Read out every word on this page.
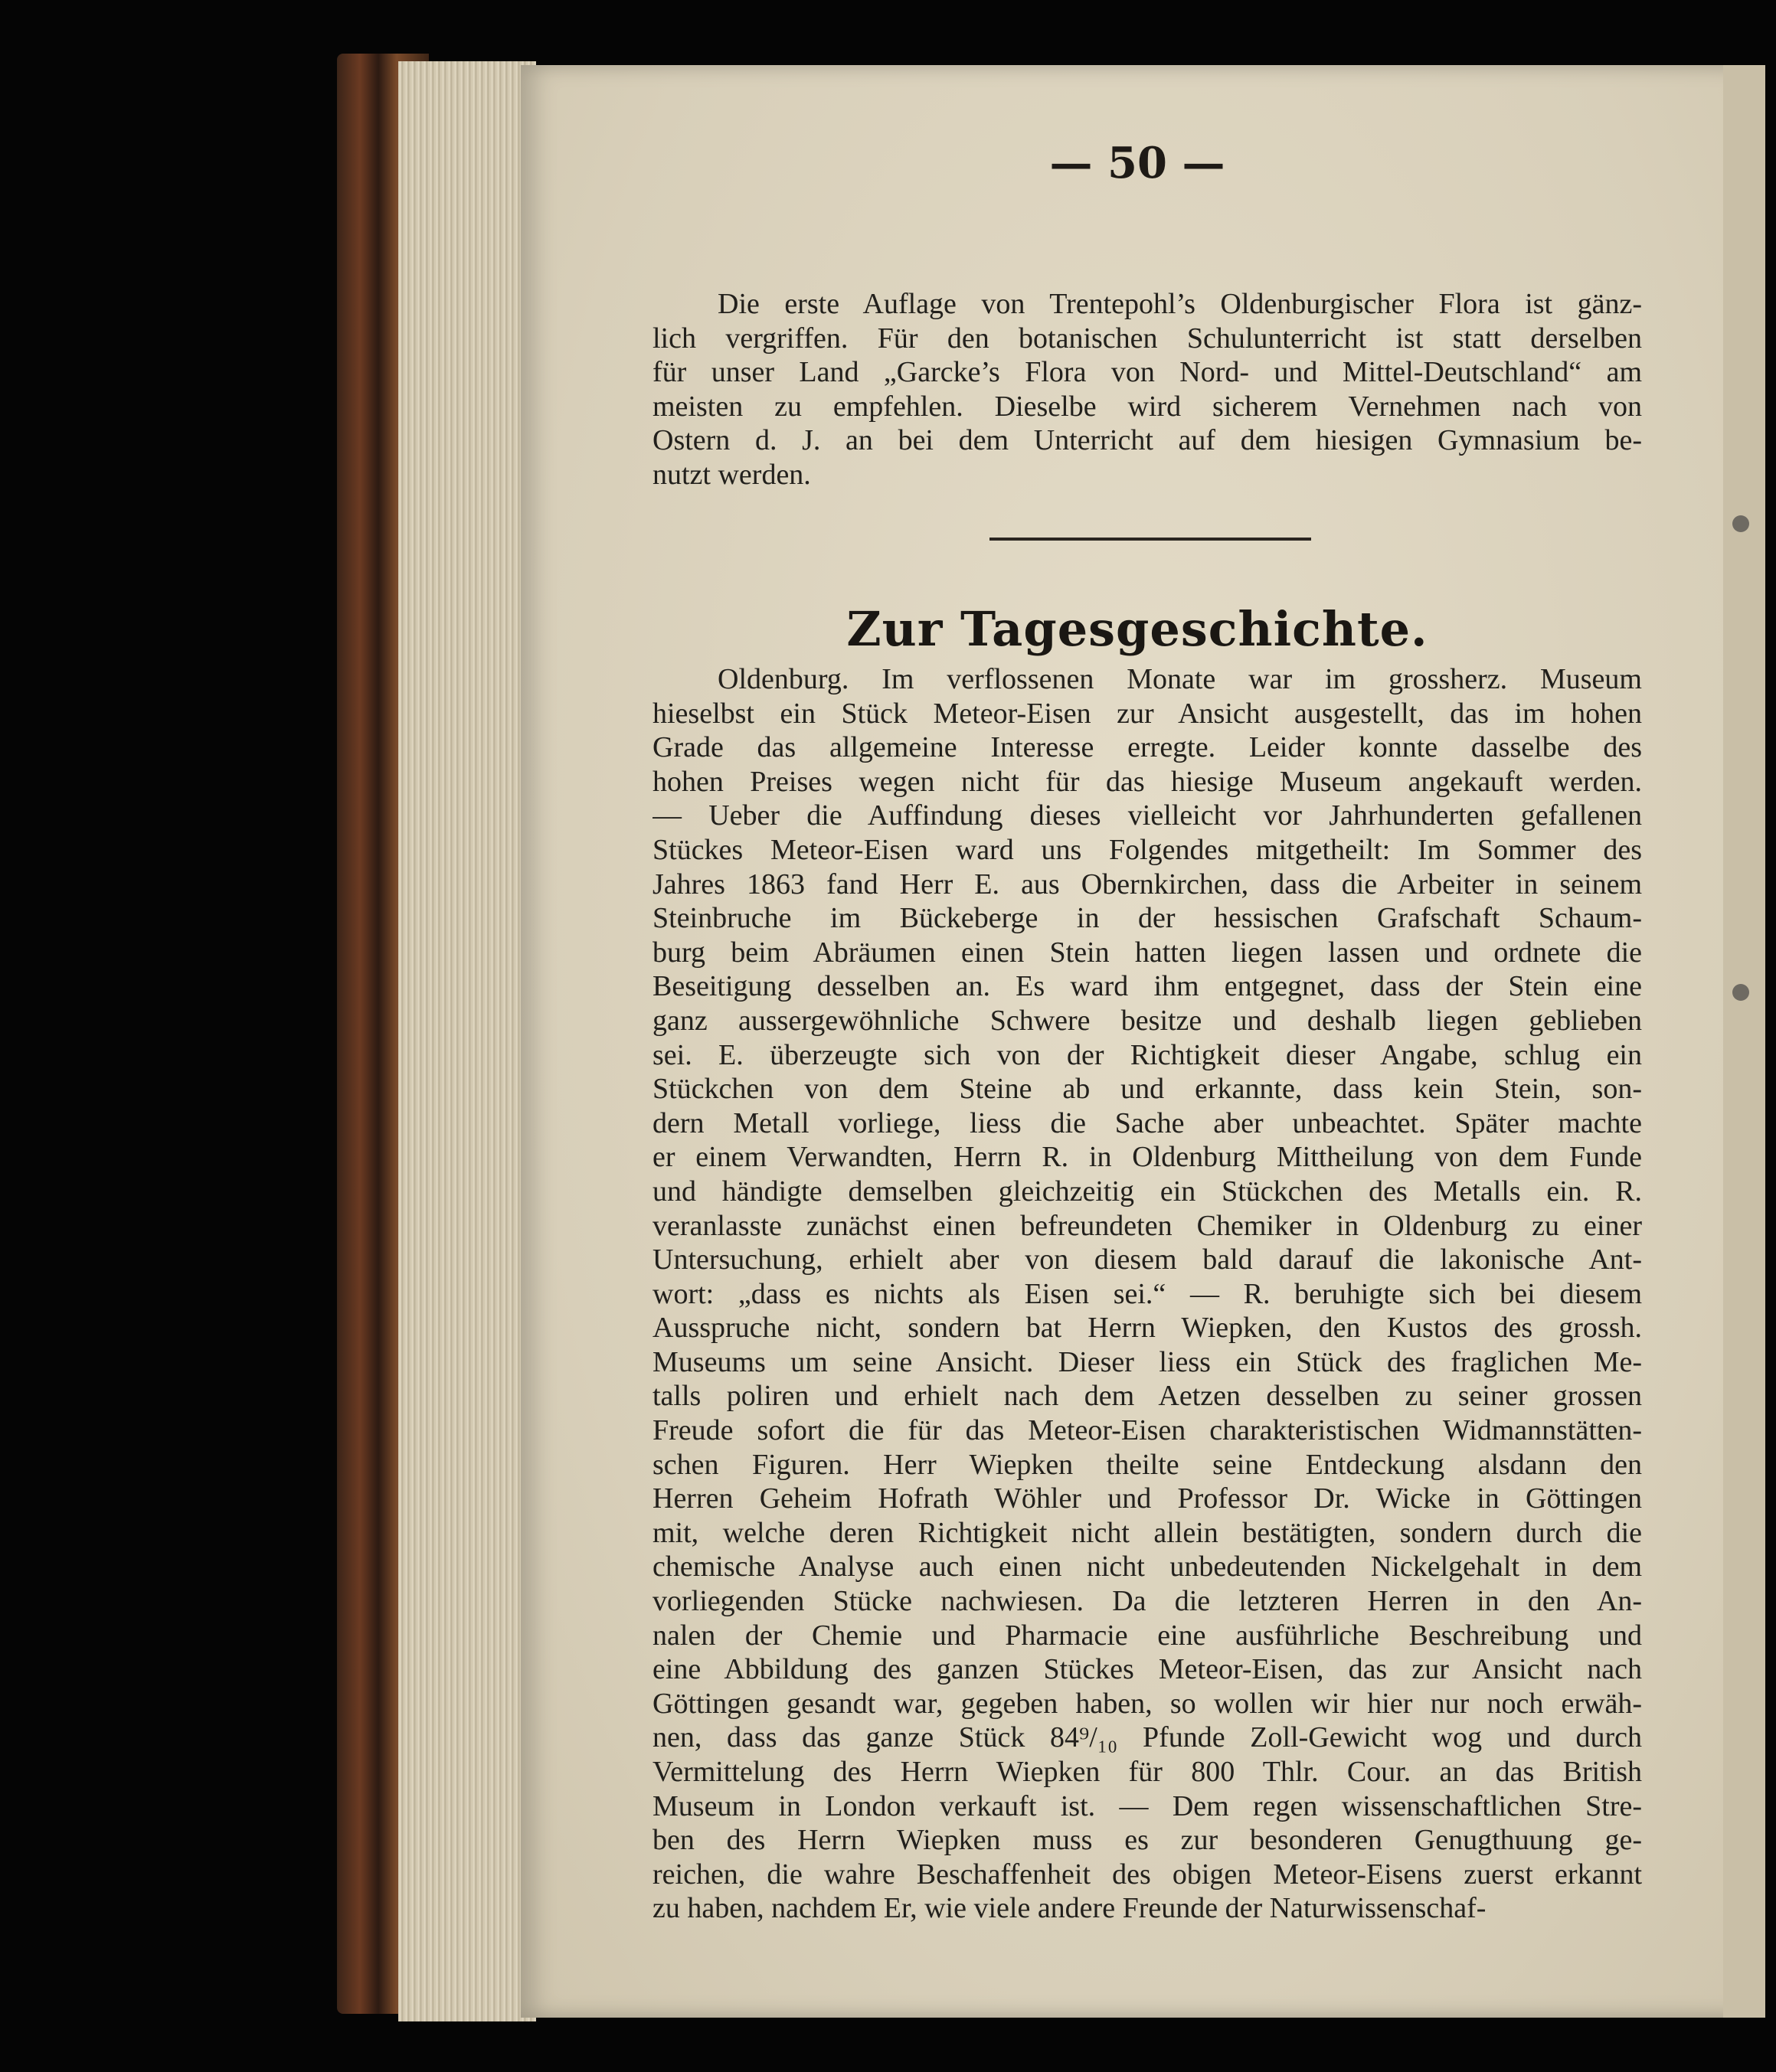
— 50 —
Die erste Auflage von Trentepohl’s Oldenburgischer Flora ist gänz-
lich vergriffen. Für den botanischen Schulunterricht ist statt derselben
für unser Land „Garcke’s Flora von Nord- und Mittel-Deutschland“ am
meisten zu empfehlen. Dieselbe wird sicherem Vernehmen nach von
Ostern d. J. an bei dem Unterricht auf dem hiesigen Gymnasium be-
nutzt werden.
Zur Tagesgeschichte.
Oldenburg. Im verflossenen Monate war im grossherz. Museum
hieselbst ein Stück Meteor-Eisen zur Ansicht ausgestellt, das im hohen
Grade das allgemeine Interesse erregte. Leider konnte dasselbe des
hohen Preises wegen nicht für das hiesige Museum angekauft werden.
— Ueber die Auffindung dieses vielleicht vor Jahrhunderten gefallenen
Stückes Meteor-Eisen ward uns Folgendes mitgetheilt: Im Sommer des
Jahres 1863 fand Herr E. aus Obernkirchen, dass die Arbeiter in seinem
Steinbruche im Bückeberge in der hessischen Grafschaft Schaum-
burg beim Abräumen einen Stein hatten liegen lassen und ordnete die
Beseitigung desselben an. Es ward ihm entgegnet, dass der Stein eine
ganz aussergewöhnliche Schwere besitze und deshalb liegen geblieben
sei. E. überzeugte sich von der Richtigkeit dieser Angabe, schlug ein
Stückchen von dem Steine ab und erkannte, dass kein Stein, son-
dern Metall vorliege, liess die Sache aber unbeachtet. Später machte
er einem Verwandten, Herrn R. in Oldenburg Mittheilung von dem Funde
und händigte demselben gleichzeitig ein Stückchen des Metalls ein. R.
veranlasste zunächst einen befreundeten Chemiker in Oldenburg zu einer
Untersuchung, erhielt aber von diesem bald darauf die lakonische Ant-
wort: „dass es nichts als Eisen sei.“ — R. beruhigte sich bei diesem
Ausspruche nicht, sondern bat Herrn Wiepken, den Kustos des grossh.
Museums um seine Ansicht. Dieser liess ein Stück des fraglichen Me-
talls poliren und erhielt nach dem Aetzen desselben zu seiner grossen
Freude sofort die für das Meteor-Eisen charakteristischen Widmannstätten-
schen Figuren. Herr Wiepken theilte seine Entdeckung alsdann den
Herren Geheim Hofrath Wöhler und Professor Dr. Wicke in Göttingen
mit, welche deren Richtigkeit nicht allein bestätigten, sondern durch die
chemische Analyse auch einen nicht unbedeutenden Nickelgehalt in dem
vorliegenden Stücke nachwiesen. Da die letzteren Herren in den An-
nalen der Chemie und Pharmacie eine ausführliche Beschreibung und
eine Abbildung des ganzen Stückes Meteor-Eisen, das zur Ansicht nach
Göttingen gesandt war, gegeben haben, so wollen wir hier nur noch erwäh-
nen, dass das ganze Stück 84⁹/₁₀ Pfunde Zoll-Gewicht wog und durch
Vermittelung des Herrn Wiepken für 800 Thlr. Cour. an das British
Museum in London verkauft ist. — Dem regen wissenschaftlichen Stre-
ben des Herrn Wiepken muss es zur besonderen Genugthuung ge-
reichen, die wahre Beschaffenheit des obigen Meteor-Eisens zuerst erkannt
zu haben, nachdem Er, wie viele andere Freunde der Naturwissenschaf-
